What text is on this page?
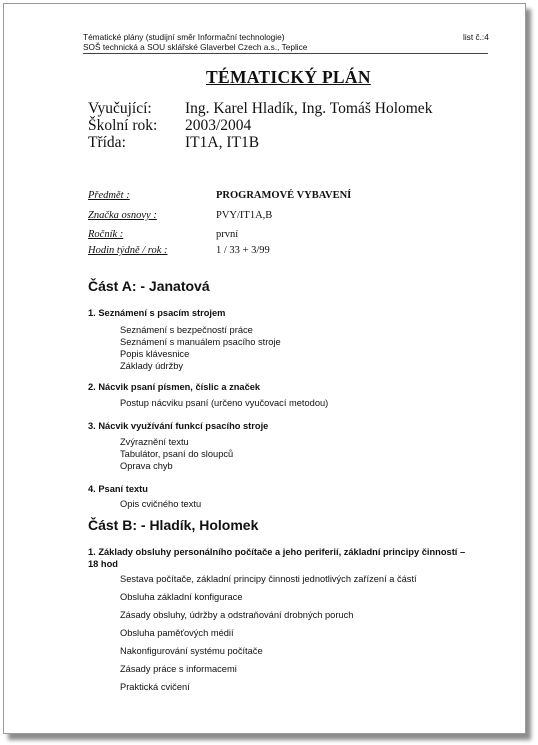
Tématické plány (studijní směr Informační technologie)
SOŠ technická a SOU sklářské Glaverbel Czech a.s., Teplice
list č.:4
TÉMATICKÝ PLÁN
Vyučující: Ing. Karel Hladík, Ing. Tomáš Holomek
Školní rok: 2003/2004
Třída:	IT1A, IT1B
Předmět :	PROGRAMOVÉ VYBAVENÍ
Značka osnovy :	PVY/IT1A,B
Ročník :	první
Hodin týdně / rok :	1 / 33 + 3/99
Část A: - Janatová
1. Seznámení s psacím strojem
Seznámení s bezpečností práce
Seznámení s manuálem psacího stroje
Popis klávesnice
Základy údržby
2. Nácvik psaní písmen, číslic a značek
Postup nácviku psaní (určeno vyučovací metodou)
3. Nácvik využívání funkcí psacího stroje
Zvýraznění textu
Tabulátor, psaní do sloupců
Oprava chyb
4. Psaní textu
Opis cvičného textu
Část B: - Hladík, Holomek
1. Základy obsluhy personálního počítače a jeho periferií, základní principy činností –
18 hod
Sestava počítače, základní principy činnosti jednotlivých zařízení a částí
Obsluha základní konfigurace
Zásady obsluhy, údržby a odstraňování drobných poruch
Obsluha paměťových médií
Nakonfigurování systému počítače
Zásady práce s informacemi
Praktická cvičení
